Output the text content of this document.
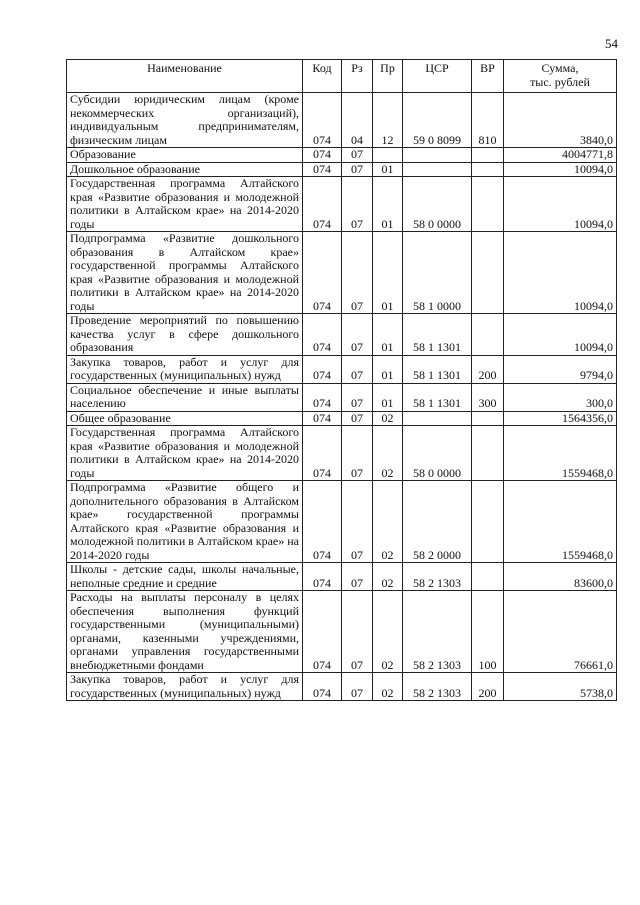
54
Наименование	Код	Рз	Пр	ЦСР	ВР	Сумма,
тыс. рублей

Субсидии юридическим лицам (кроме некоммерческих организаций), индивидуальным предпринимателям, физическим лицам	074	04	12	59 0 8099	810	3840,0
Образование	074	07				4004771,8
Дошкольное образование	074	07	01			10094,0
Государственная программа Алтайского края «Развитие образования и молодежной политики в Алтайском крае» на 2014-2020 годы	074	07	01	58 0 0000		10094,0
Подпрограмма «Развитие дошкольного образования в Алтайском крае» государственной программы Алтайского края «Развитие образования и молодежной политики в Алтайском крае» на 2014-2020 годы	074	07	01	58 1 0000		10094,0
Проведение мероприятий по повышению качества услуг в сфере дошкольного образования	074	07	01	58 1 1301		10094,0
Закупка товаров, работ и услуг для государственных (муниципальных) нужд	074	07	01	58 1 1301	200	9794,0
Социальное обеспечение и иные выплаты населению	074	07	01	58 1 1301	300	300,0
Общее образование	074	07	02			1564356,0
Государственная программа Алтайского края «Развитие образования и молодежной политики в Алтайском крае» на 2014-2020 годы	074	07	02	58 0 0000		1559468,0
Подпрограмма «Развитие общего и дополнительного образования в Алтайском крае» государственной программы Алтайского края «Развитие образования и молодежной политики в Алтайском крае» на 2014-2020 годы	074	07	02	58 2 0000		1559468,0
Школы - детские сады, школы начальные, неполные средние и средние	074	07	02	58 2 1303		83600,0
Расходы на выплаты персоналу в целях обеспечения выполнения функций государственными (муниципальными) органами, казенными учреждениями, органами управления государственными внебюджетными фондами	074	07	02	58 2 1303	100	76661,0
Закупка товаров, работ и услуг для государственных (муниципальных) нужд	074	07	02	58 2 1303	200	5738,0
